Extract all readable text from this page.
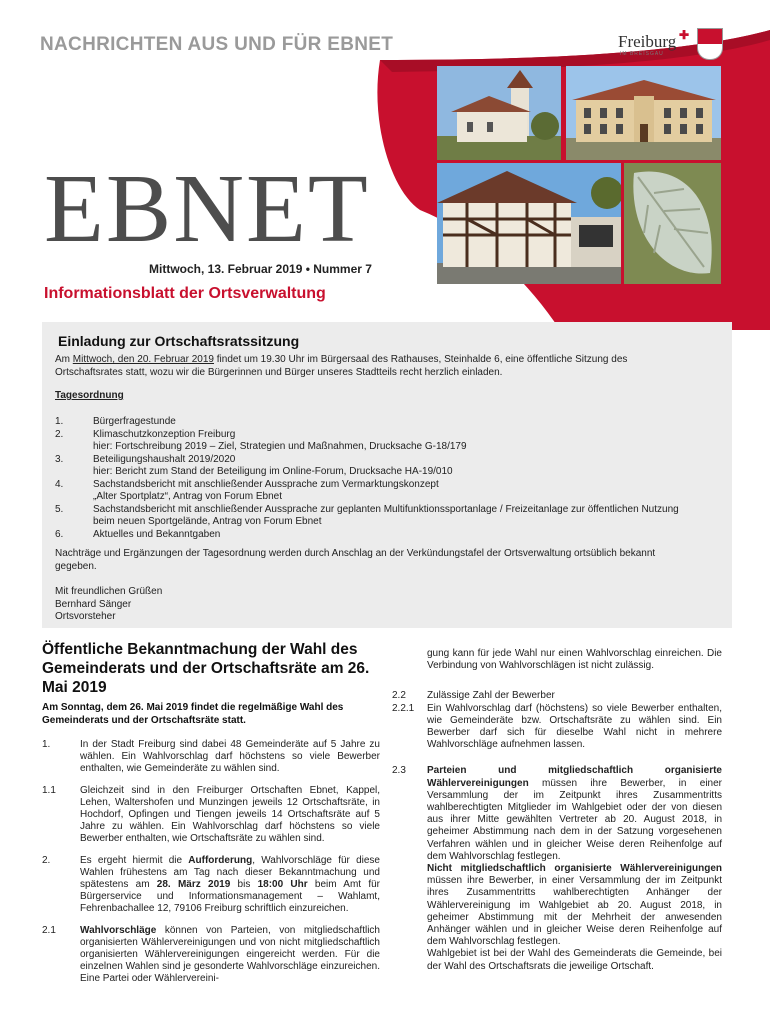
NACHRICHTEN AUS UND FÜR EBNET	Freiburg ✚
IM BREISGAU
EBNET
Mittwoch, 13. Februar 2019 • Nummer 7
Informationsblatt der Ortsverwaltung
Einladung zur Ortschaftsratssitzung
Am Mittwoch, den 20. Februar 2019 findet um 19.30 Uhr im Bürgersaal des Rathauses, Steinhalde 6, eine öffentliche Sitzung des Ortschaftsrates statt, wozu wir die Bürgerinnen und Bürger unseres Stadtteils recht herzlich einladen.
Tagesordnung
1.	Bürgerfragestunde
2.	Klimaschutzkonzeption Freiburg
hier: Fortschreibung 2019 – Ziel, Strategien und Maßnahmen, Drucksache G-18/179
3.	Beteiligungshaushalt 2019/2020
hier: Bericht zum Stand der Beteiligung im Online-Forum, Drucksache HA-19/010
4.	Sachstandsbericht mit anschließender Aussprache zum Vermarktungskonzept
„Alter Sportplatz“, Antrag von Forum Ebnet
5.	Sachstandsbericht mit anschließender Aussprache zur geplanten Multifunktionssportanlage / Freizeitanlage zur öffentlichen Nutzung beim neuen Sportgelände, Antrag von Forum Ebnet
6.	Aktuelles und Bekanntgaben
Nachträge und Ergänzungen der Tagesordnung werden durch Anschlag an der Verkündungstafel der Ortsverwaltung ortsüblich bekannt gegeben.
Mit freundlichen Grüßen
Bernhard Sänger
Ortsvorsteher
Öffentliche Bekanntmachung der Wahl des Gemeinderats und der Ortschaftsräte am 26. Mai 2019
Am Sonntag, dem 26. Mai 2019 findet die regelmäßige Wahl des Gemeinderats und der Ortschaftsräte statt.
1.	In der Stadt Freiburg sind dabei 48 Gemeinderäte auf 5 Jahre zu wählen. Ein Wahlvorschlag darf höchstens so viele Bewerber enthalten, wie Gemeinderäte zu wählen sind.
1.1	Gleichzeit sind in den Freiburger Ortschaften Ebnet, Kappel, Lehen, Waltershofen und Munzingen jeweils 12 Ortschaftsräte, in Hochdorf, Opfingen und Tiengen jeweils 14 Ortschaftsräte auf 5 Jahre zu wählen. Ein Wahlvorschlag darf höchstens so viele Bewerber enthalten, wie Ortschaftsräte zu wählen sind.
2.	Es ergeht hiermit die Aufforderung, Wahlvorschläge für diese Wahlen frühestens am Tag nach dieser Bekanntmachung und spätestens am 28. März 2019 bis 18:00 Uhr beim Amt für Bürgerservice und Informationsmanagement – Wahlamt, Fehrenbachallee 12, 79106 Freiburg schriftlich einzureichen.
2.1	Wahlvorschläge können von Parteien, von mitgliedschaftlich organisierten Wählervereinigungen und von nicht mitgliedschaftlich organisierten Wählervereinigungen eingereicht werden. Für die einzelnen Wahlen sind je gesonderte Wahlvorschläge einzureichen. Eine Partei oder Wählervereini-
gung kann für jede Wahl nur einen Wahlvorschlag einreichen. Die Verbindung von Wahlvorschlägen ist nicht zulässig.
2.2	Zulässige Zahl der Bewerber
2.2.1	Ein Wahlvorschlag darf (höchstens) so viele Bewerber enthalten, wie Gemeinderäte bzw. Ortschaftsräte zu wählen sind. Ein Bewerber darf sich für dieselbe Wahl nicht in mehrere Wahlvorschläge aufnehmen lassen.
2.3	Parteien und mitgliedschaftlich organisierte Wählervereinigungen müssen ihre Bewerber, in einer Versammlung der im Zeitpunkt ihres Zusammentritts wahlberechtigten Mitglieder im Wahlgebiet oder der von diesen aus ihrer Mitte gewählten Vertreter ab 20. August 2018, in geheimer Abstimmung nach dem in der Satzung vorgesehenen Verfahren wählen und in gleicher Weise deren Reihenfolge auf dem Wahlvorschlag festlegen.
Nicht mitgliedschaftlich organisierte Wählervereinigungen müssen ihre Bewerber, in einer Versammlung der im Zeitpunkt ihres Zusammentritts wahlberechtigten Anhänger der Wählervereinigung im Wahlgebiet ab 20. August 2018, in geheimer Abstimmung mit der Mehrheit der anwesenden Anhänger wählen und in gleicher Weise deren Reihenfolge auf dem Wahlvorschlag festlegen.
Wahlgebiet ist bei der Wahl des Gemeinderats die Gemeinde, bei der Wahl des Ortschaftsrats die jeweilige Ortschaft.
